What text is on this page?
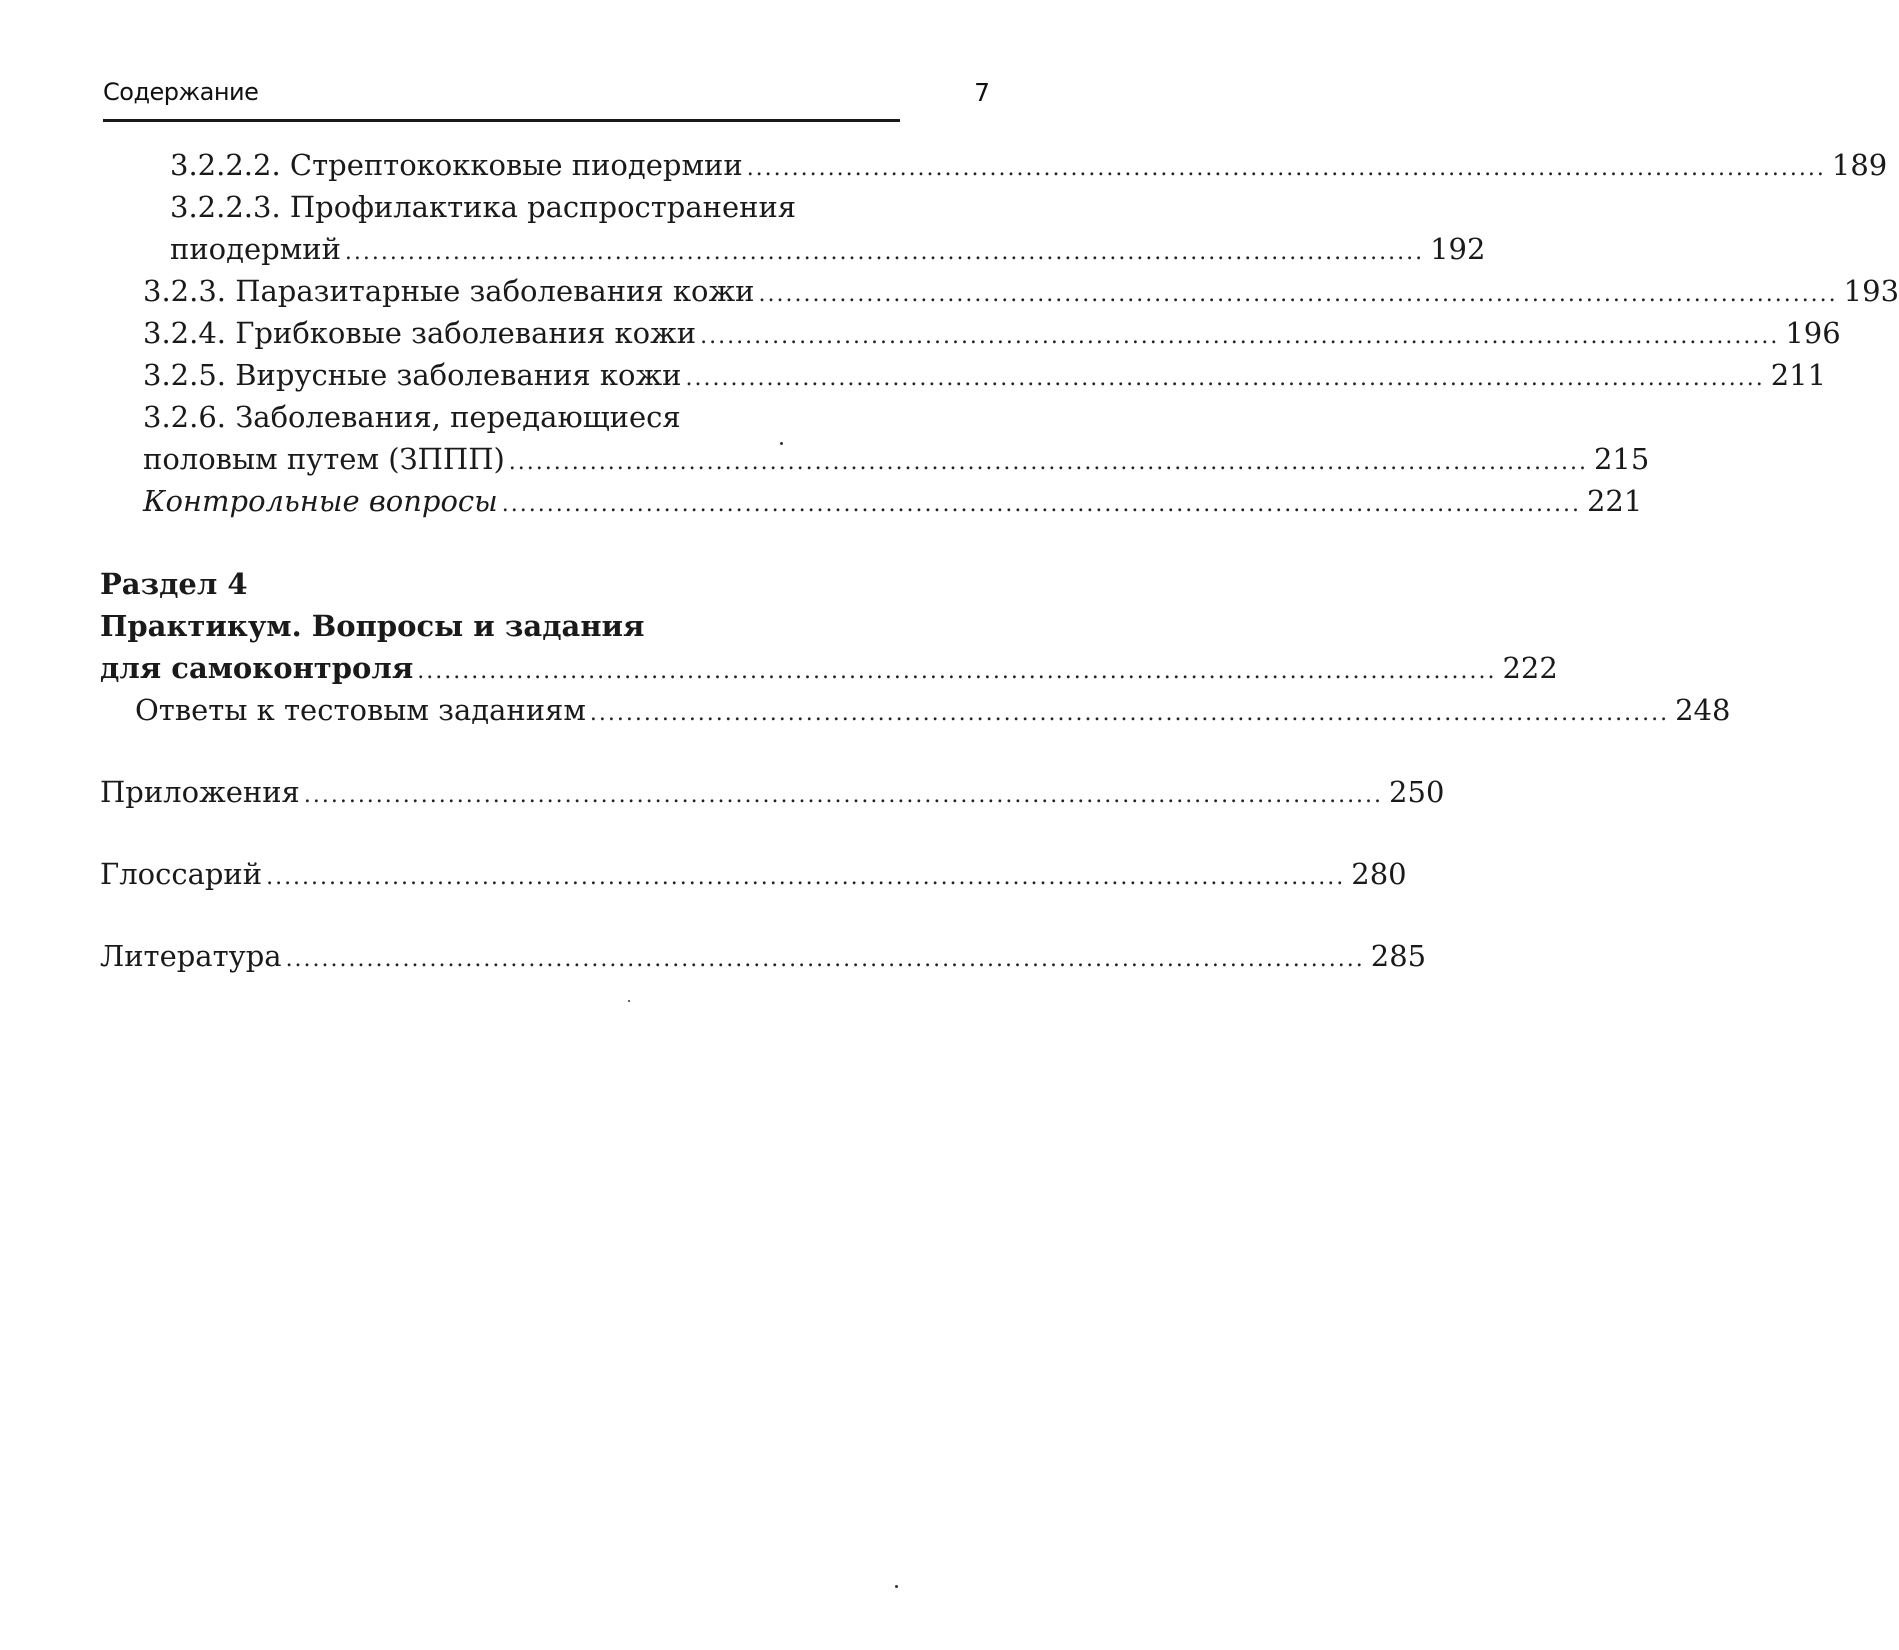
Содержание	7
3.2.2.2. Стрептококковые пиодермии ........................................................................................................................ 189
3.2.2.3. Профилактика распространения
пиодермий ........................................................................................................................ 192
3.2.3. Паразитарные заболевания кожи ........................................................................................................................ 193
3.2.4. Грибковые заболевания кожи ........................................................................................................................ 196
3.2.5. Вирусные заболевания кожи ........................................................................................................................ 211
3.2.6. Заболевания, передающиеся
половым путем (ЗППП) ........................................................................................................................ 215
Контрольные вопросы ........................................................................................................................ 221
Раздел 4
Практикум. Вопросы и задания
для самоконтроля ........................................................................................................................ 222
Ответы к тестовым заданиям ........................................................................................................................ 248
Приложения ........................................................................................................................ 250
Глоссарий ........................................................................................................................ 280
Литература ........................................................................................................................ 285
